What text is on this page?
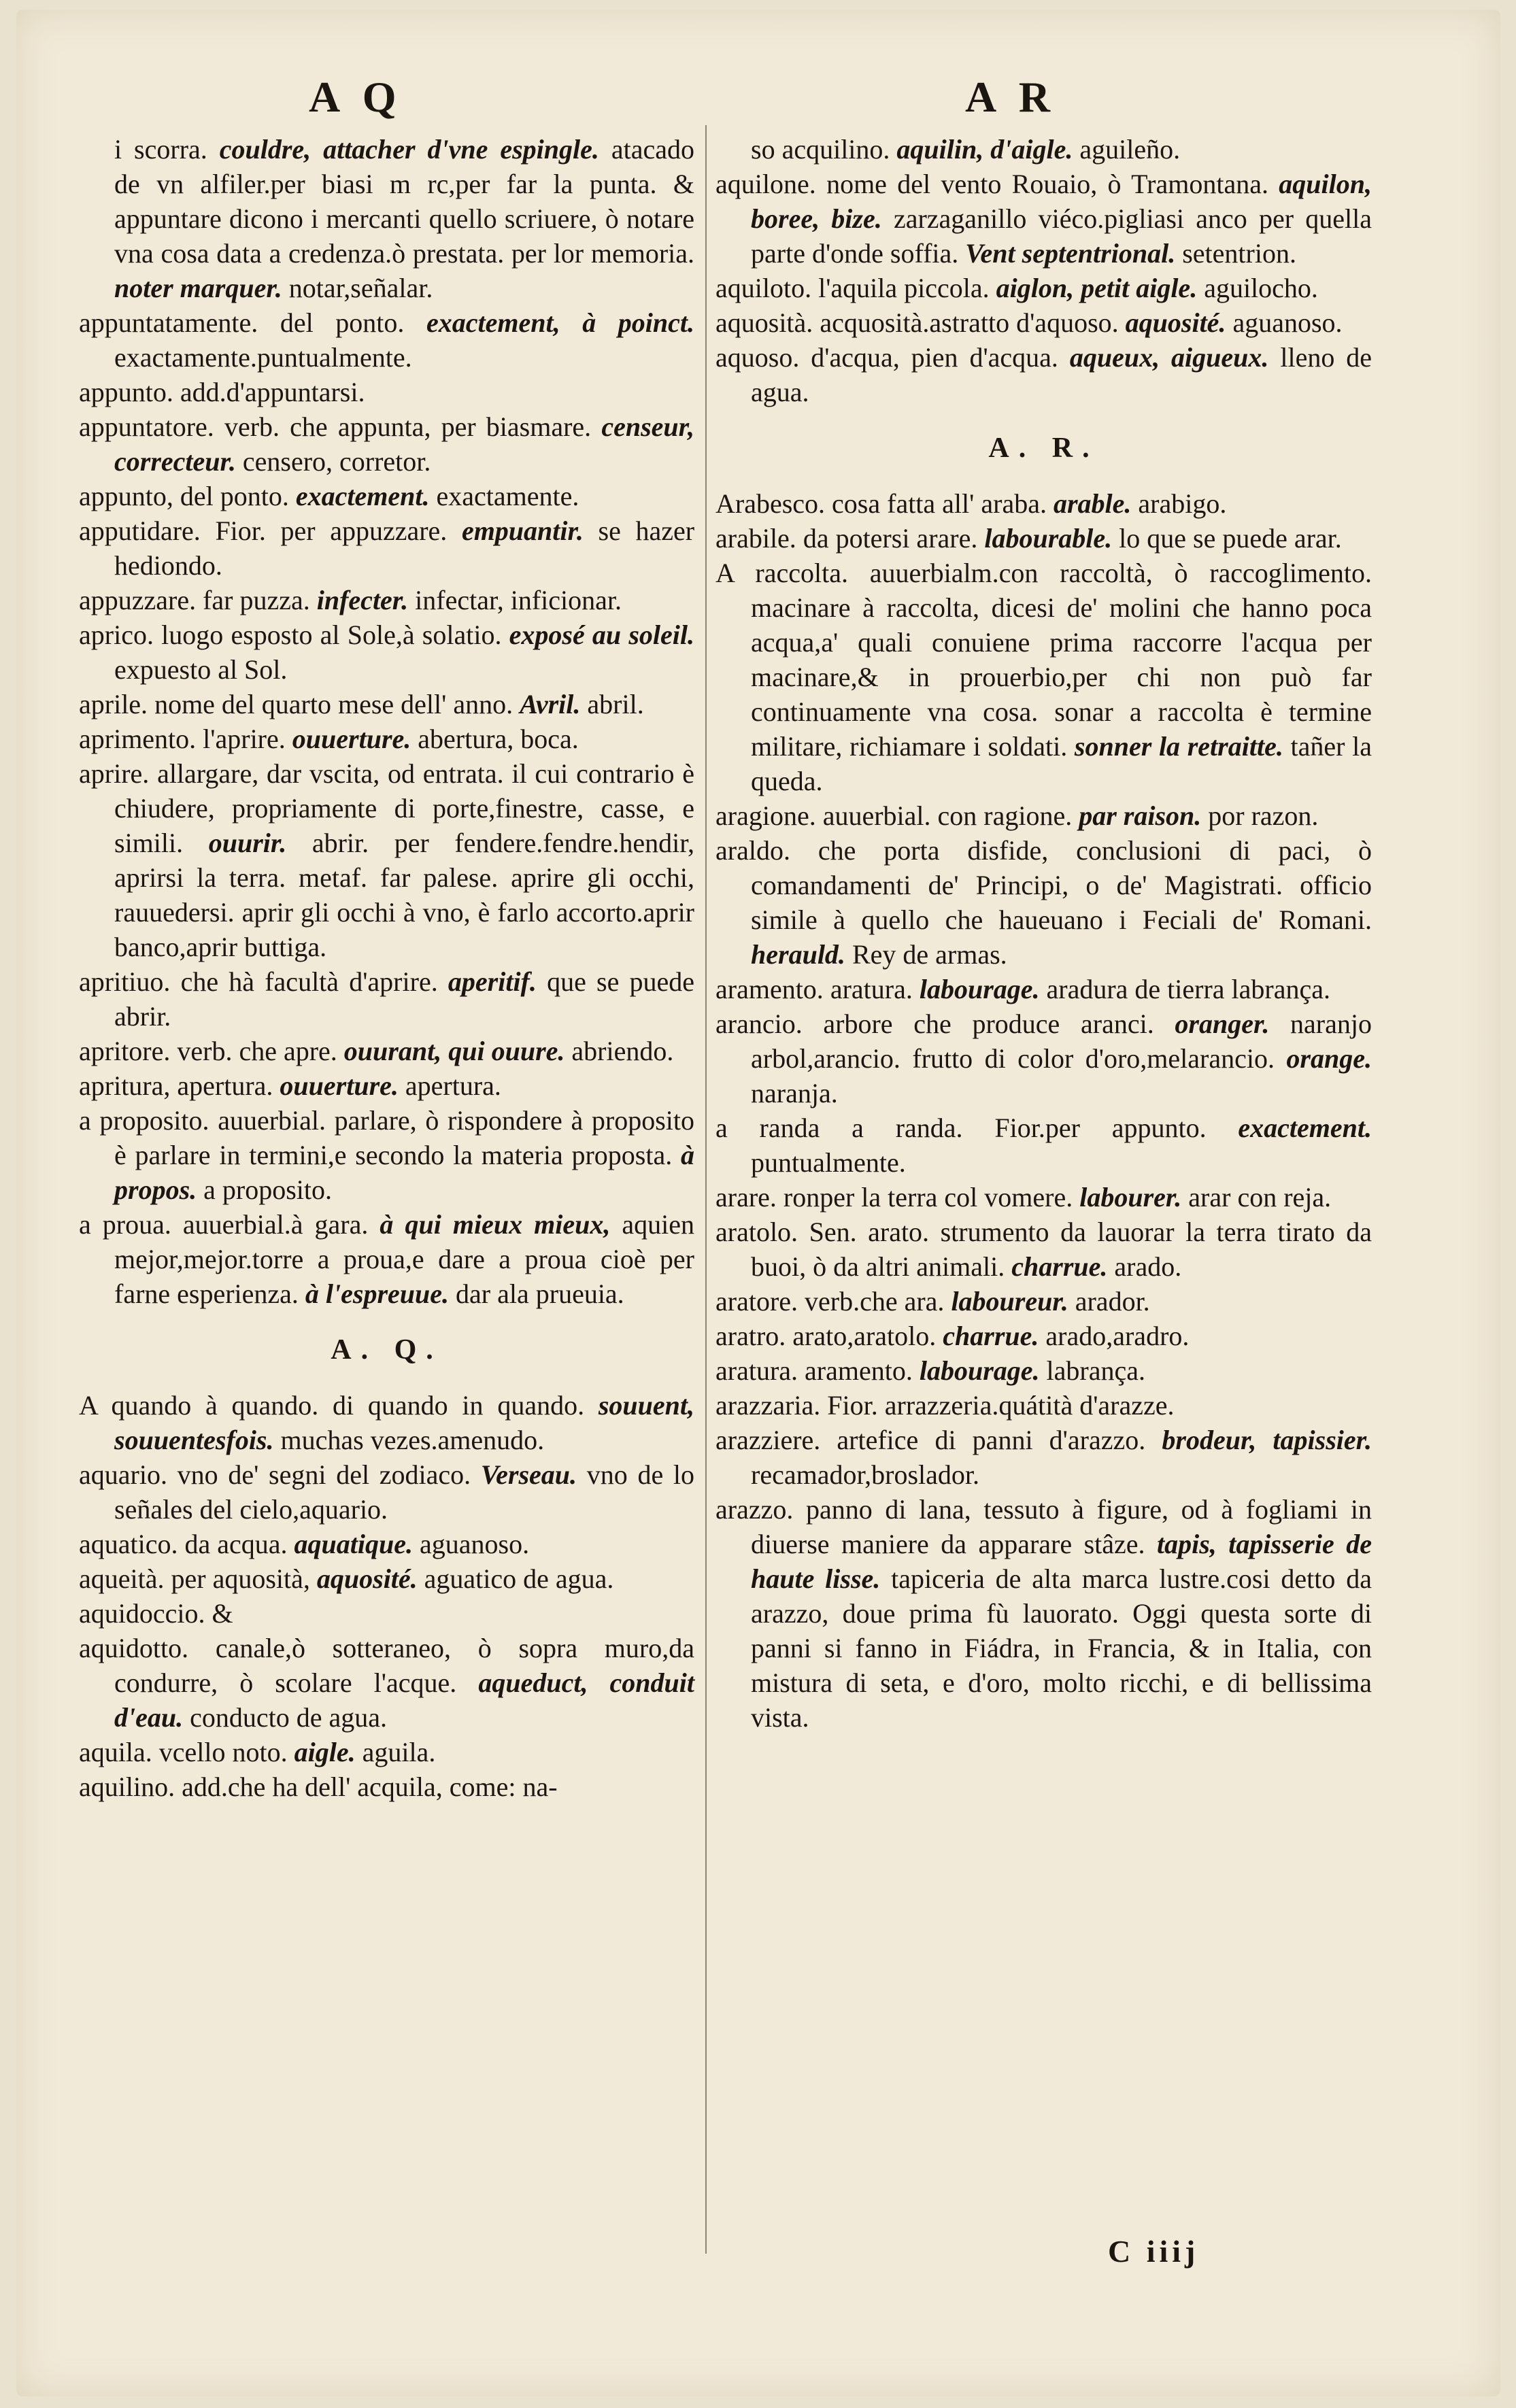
A Q	A R

i scorra. couldre, attacher d'vne espingle. atacado de vn alfiler.per biasi m rc,per far la punta. & appuntare dicono i mercanti quello scriuere, ò notare vna cosa data a credenza.ò prestata. per lor memoria. noter marquer. notar,señalar.

appuntatamente. del ponto. exactement, à poinct. exactamente.puntualmente.

appunto. add.d'appuntarsi.

appuntatore. verb. che appunta, per biasmare. censeur, correcteur. censero, corretor.

appunto, del ponto. exactement. exactamente.

apputidare. Fior. per appuzzare. empuantir. se hazer hediondo.

appuzzare. far puzza. infecter. infectar, inficionar.

aprico. luogo esposto al Sole,à solatio. exposé au soleil. expuesto al Sol.

aprile. nome del quarto mese dell' anno. Avril. abril.

aprimento. l'aprire. ouuerture. abertura, boca.

aprire. allargare, dar vscita, od entrata. il cui contrario è chiudere, propriamente di porte,finestre, casse, e simili. ouurir. abrir. per fendere.fendre.hendir, aprirsi la terra. metaf. far palese. aprire gli occhi, rauuedersi. aprir gli occhi à vno, è farlo accorto.aprir banco,aprir buttiga.

apritiuo. che hà facultà d'aprire. aperitif. que se puede abrir.

apritore. verb. che apre. ouurant, qui ouure. abriendo.

apritura, apertura. ouuerture. apertura.

a proposito. auuerbial. parlare, ò rispondere à proposito è parlare in termini,e secondo la materia proposta. à propos. a proposito.

a proua. auuerbial.à gara. à qui mieux mieux, aquien mejor,mejor.torre a proua,e dare a proua cioè per farne esperienza. à l'espreuue. dar ala prueuia.

A. Q.

A quando à quando. di quando in quando. souuent, souuentesfois. muchas vezes.amenudo.

aquario. vno de' segni del zodiaco. Verseau. vno de lo señales del cielo,aquario.

aquatico. da acqua. aquatique. aguanoso.

aqueità. per aquosità, aquosité. aguatico de agua.

aquidoccio. &

aquidotto. canale,ò sotteraneo, ò sopra muro,da condurre, ò scolare l'acque. aqueduct, conduit d'eau. conducto de agua.

aquila. vcello noto. aigle. aguila.

aquilino. add.che ha dell' acquila, come: na-

so acquilino. aquilin, d'aigle. aguileño.

aquilone. nome del vento Rouaio, ò Tramontana. aquilon, boree, bize. zarzaganillo viéco.pigliasi anco per quella parte d'onde soffia. Vent septentrional. setentrion.

aquiloto. l'aquila piccola. aiglon, petit aigle. aguilocho.

aquosità. acquosità.astratto d'aquoso. aquosité. aguanoso.

aquoso. d'acqua, pien d'acqua. aqueux, aigueux. lleno de agua.

A. R.

Arabesco. cosa fatta all' araba. arable. arabigo.

arabile. da potersi arare. labourable. lo que se puede arar.

A raccolta. auuerbialm.con raccoltà, ò raccoglimento. macinare à raccolta, dicesi de' molini che hanno poca acqua,a' quali conuiene prima raccorre l'acqua per macinare,& in prouerbio,per chi non può far continuamente vna cosa. sonar a raccolta è termine militare, richiamare i soldati. sonner la retraitte. tañer la queda.

aragione. auuerbial. con ragione. par raison. por razon.

araldo. che porta disfide, conclusioni di paci, ò comandamenti de' Principi, o de' Magistrati. officio simile à quello che haueuano i Feciali de' Romani. herauld. Rey de armas.

aramento. aratura. labourage. aradura de tierra labrança.

arancio. arbore che produce aranci. oranger. naranjo arbol,arancio. frutto di color d'oro,melarancio. orange. naranja.

a randa a randa. Fior.per appunto. exactement. puntualmente.

arare. ronper la terra col vomere. labourer. arar con reja.

aratolo. Sen. arato. strumento da lauorar la terra tirato da buoi, ò da altri animali. charrue. arado.

aratore. verb.che ara. laboureur. arador.

aratro. arato,aratolo. charrue. arado,aradro.

aratura. aramento. labourage. labrança.

arazzaria. Fior. arrazzeria.quátità d'arazze.

arazziere. artefice di panni d'arazzo. brodeur, tapissier. recamador,broslador.

arazzo. panno di lana, tessuto à figure, od à fogliami in diuerse maniere da apparare stâze. tapis, tapisserie de haute lisse. tapiceria de alta marca lustre.cosi detto da arazzo, doue prima fù lauorato. Oggi questa sorte di panni si fanno in Fiádra, in Francia, & in Italia, con mistura di seta, e d'oro, molto ricchi, e di bellissima vista.

C iiij
